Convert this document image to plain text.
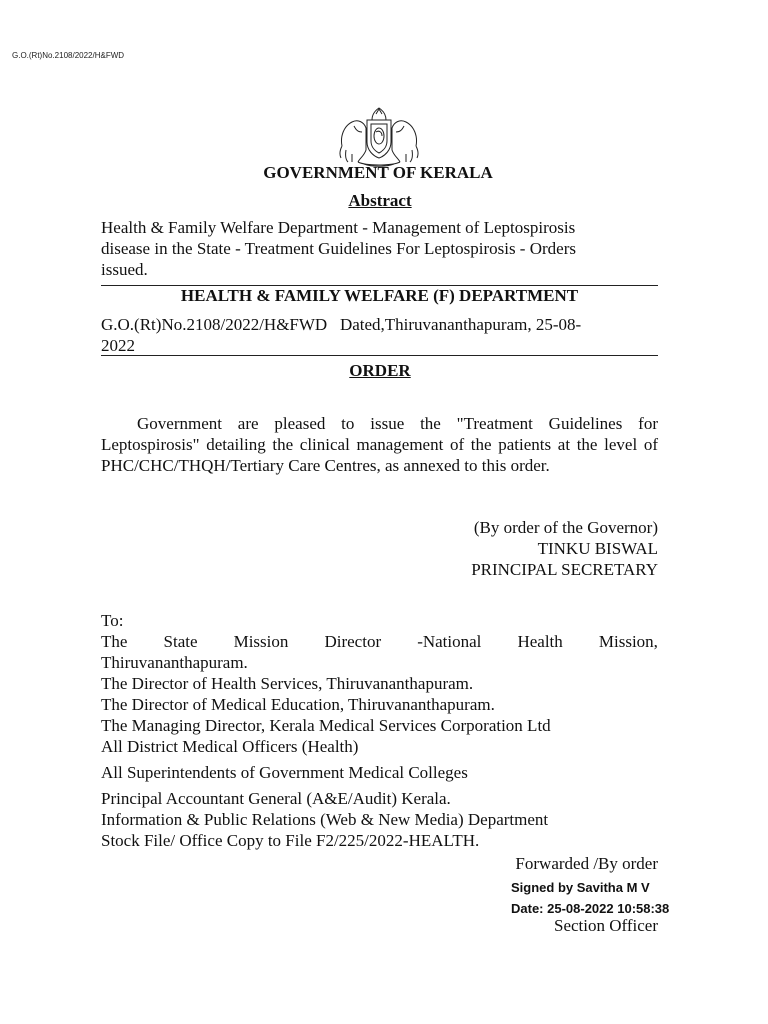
G.O.(Rt)No.2108/2022/H&FWD
GOVERNMENT OF KERALA
Abstract
Health & Family Welfare Department - Management of Leptospirosis
disease in the State - Treatment Guidelines For Leptospirosis - Orders
issued.
HEALTH & FAMILY WELFARE (F) DEPARTMENT
G.O.(Rt)No.2108/2022/H&FWD   Dated,Thiruvananthapuram, 25-08-
2022
ORDER
Government are pleased to issue the "Treatment Guidelines for Leptospirosis" detailing the clinical management of the patients at the level of PHC/CHC/THQH/Tertiary Care Centres, as annexed to this order.
(By order of the Governor)
TINKU BISWAL
PRINCIPAL SECRETARY
To:
The State Mission Director -National Health Mission,
Thiruvananthapuram.
The Director of Health Services, Thiruvananthapuram.
The Director of Medical Education, Thiruvananthapuram.
The Managing Director, Kerala Medical Services Corporation Ltd
All District Medical Officers (Health)
All Superintendents of Government Medical Colleges
Principal Accountant General (A&E/Audit) Kerala.
Information & Public Relations (Web & New Media) Department
Stock File/ Office Copy to File F2/225/2022-HEALTH.
Forwarded /By order
Signed by Savitha M V
Date: 25-08-2022 10:58:38
Section Officer
